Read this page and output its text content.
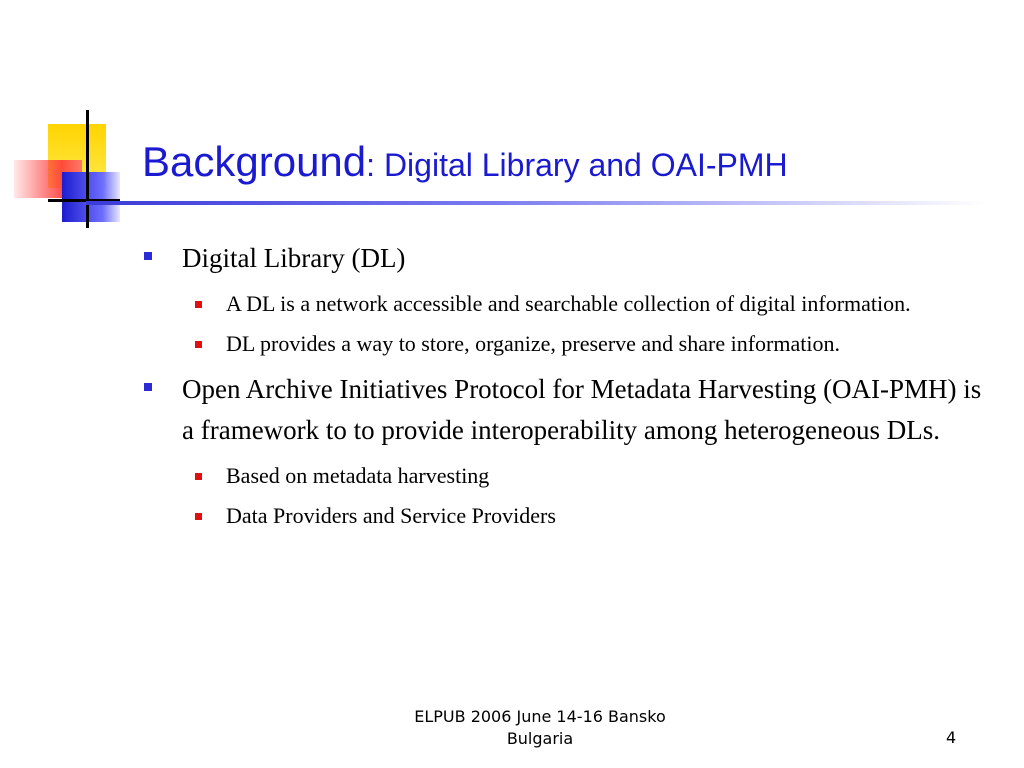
Background: Digital Library and OAI-PMH
Digital Library (DL)
A DL is a network accessible and searchable collection of digital information.
DL provides a way to store, organize, preserve and share information.
Open Archive Initiatives Protocol for Metadata Harvesting (OAI-PMH) is a framework to to provide interoperability among heterogeneous DLs.
Based on metadata harvesting
Data Providers and Service Providers
ELPUB 2006 June 14-16 Bansko
Bulgaria	4
